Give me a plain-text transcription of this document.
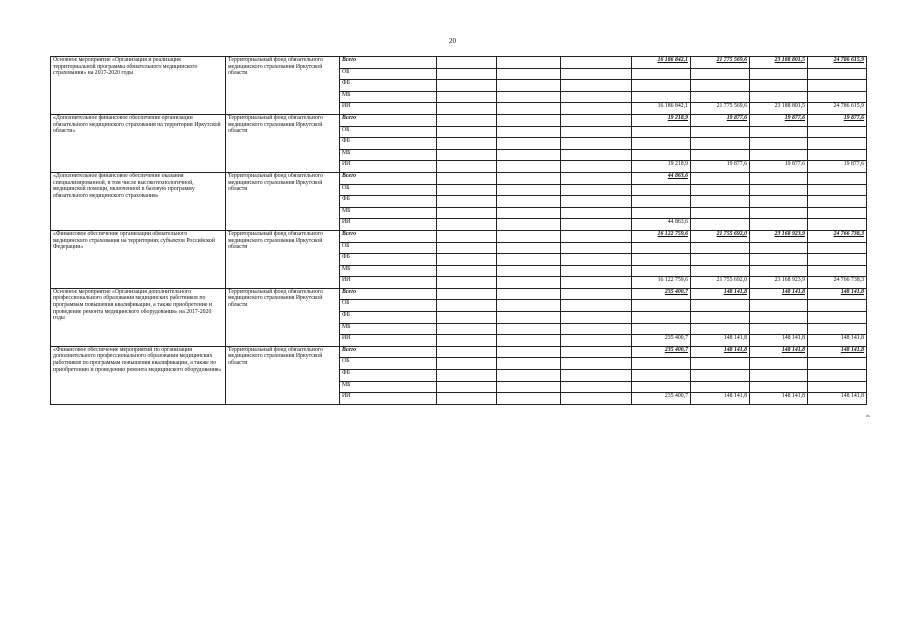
20
Основное мероприятие «Организация и реализация территориальной программы обязательного медицинского страхования» на 2017-2020 годы	Территориальный фонд обязательного медицинского страхования Иркутской области	Всего				16 186 842,1	21 775 569,6	23 188 801,5	24 786 615,9
		ОБ							
		ФБ							
		МБ							
		ИИ				16 186 842,1	21 775 569,6	23 188 801,5	24 786 615,9
«Дополнительное финансовое обеспечение организации обязательного медицинского страхования на территории Иркутской области»	Территориальный фонд обязательного медицинского страхования Иркутской области	Всего				19 218,9	19 877,6	19 877,6	19 877,6
		ОБ							
		ФБ							
		МБ							
		ИИ				19 218,9	19 877,6	19 877,6	19 877,6
«Дополнительное финансовое обеспечение оказания специализированной, в том числе высокотехнологичной, медицинской помощи, включенной в базовую программу обязательного медицинского страхования»	Территориальный фонд обязательного медицинского страхования Иркутской области	Всего				44 863,6			
		ОБ							
		ФБ							
		МБ							
		ИИ				44 863,6			
«Финансовое обеспечение организации обязательного медицинского страхования на территориях субъектов Российской Федерации»	Территориальный фонд обязательного медицинского страхования Иркутской области	Всего				16 122 759,6	21 755 692,0	23 168 923,9	24 766 738,3
		ОБ							
		ФБ							
		МБ							
		ИИ				16 122 759,6	21 755 692,0	23 168 923,9	24 766 738,3
Основное мероприятие «Организация дополнительного профессионального образования медицинских работников по программам повышения квалификации, а также приобретение и проведение ремонта медицинского оборудования» на 2017-2020 годы	Территориальный фонд обязательного медицинского страхования Иркутской области	Всего				235 400,7	148 141,8	148 141,8	148 141,8
		ОБ							
		ФБ							
		МБ							
		ИИ				235 400,7	148 141,8	148 141,8	148 141,8
«Финансовое обеспечение мероприятий по организации дополнительного профессионального образования медицинских работников по программам повышения квалификации, а также по приобретению и проведению ремонта медицинского оборудования»	Территориальный фонд обязательного медицинского страхования Иркутской области	Всего				235 400,7	148 141,8	148 141,8	148 141,8
		ОБ							
		ФБ							
		МБ							
		ИИ				235 400,7	148 141,8	148 141,8	148 141,8
».
